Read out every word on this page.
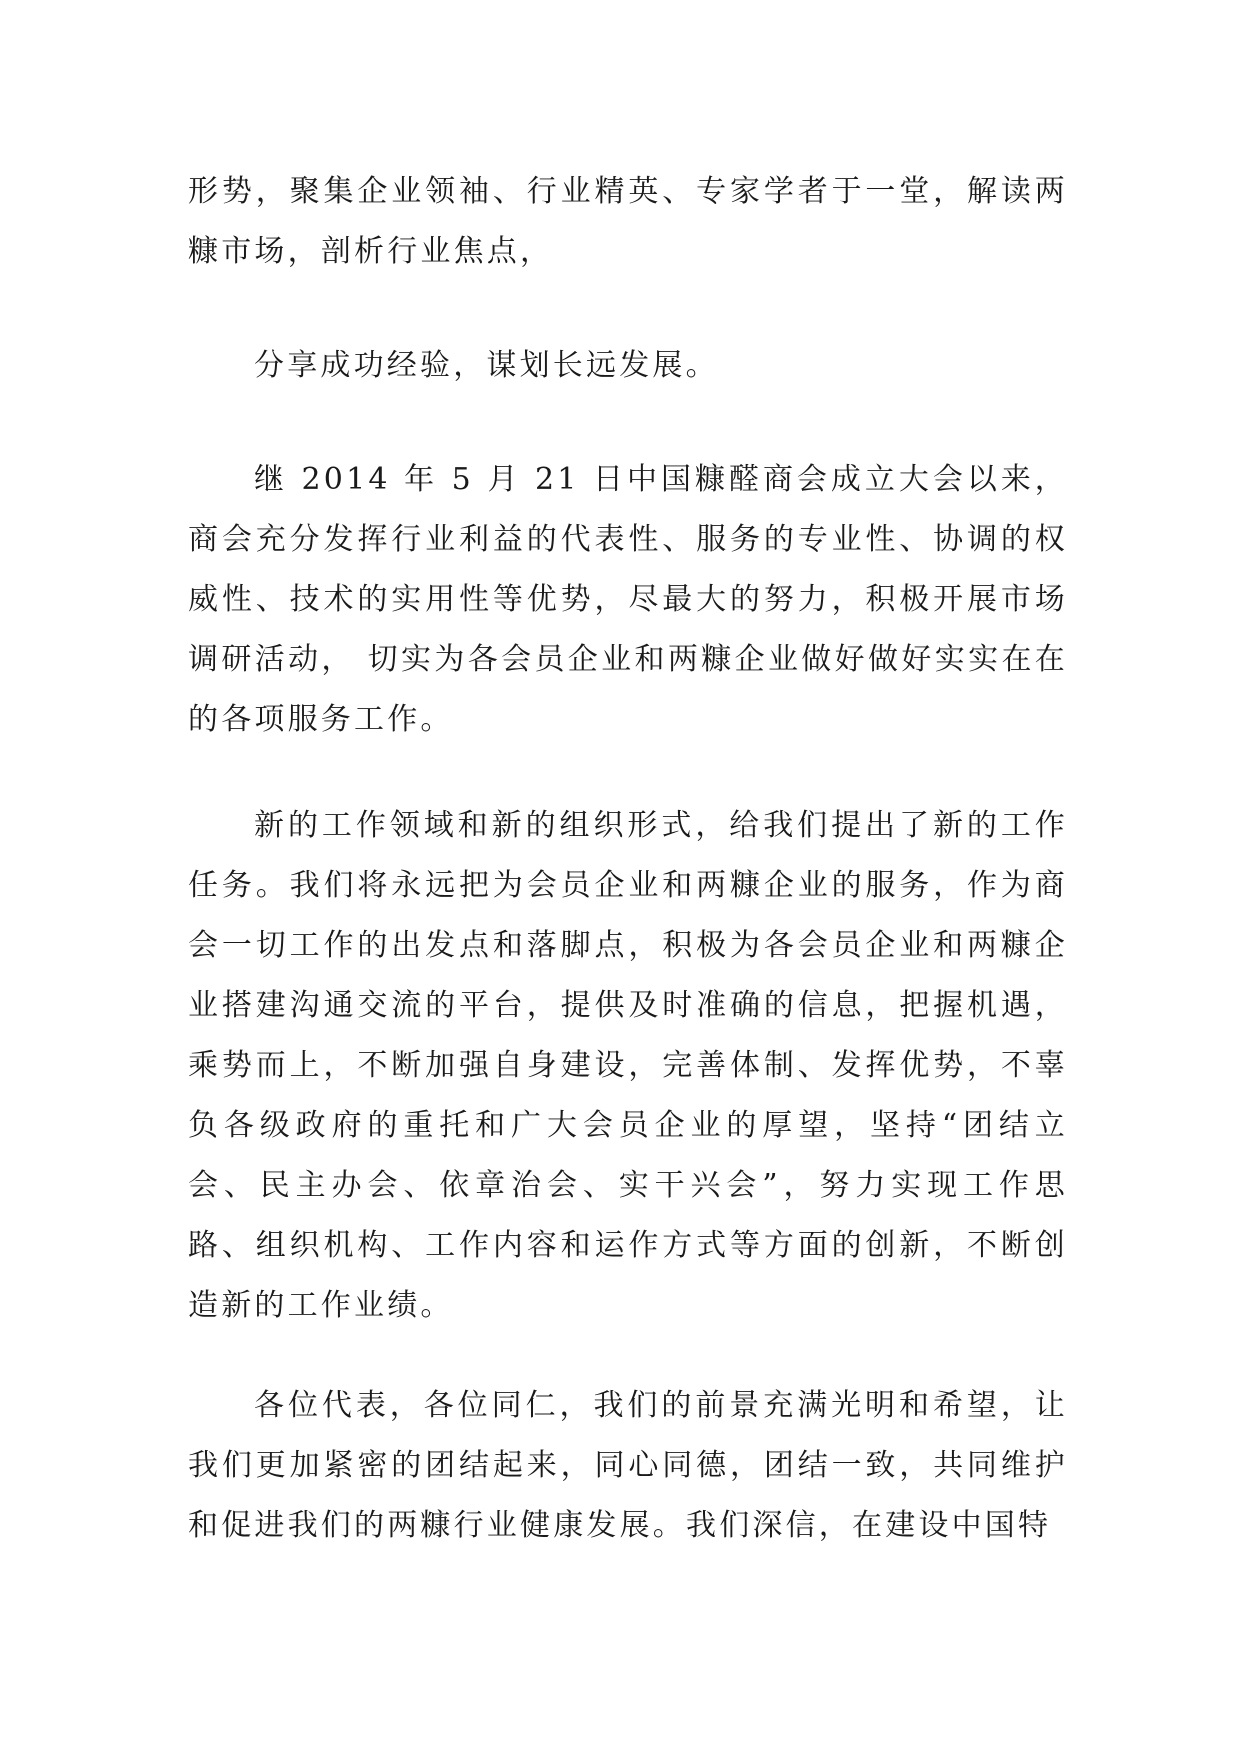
形势，聚集企业领袖、行业精英、专家学者于一堂，解读两糠市场，剖析行业焦点，

分享成功经验，谋划长远发展。

继 2014 年 5 月 21 日中国糠醛商会成立大会以来，商会充分发挥行业利益的代表性、服务的专业性、协调的权威性、技术的实用性等优势，尽最大的努力，积极开展市场调研活动， 切实为各会员企业和两糠企业做好做好实实在在的各项服务工作。

新的工作领域和新的组织形式，给我们提出了新的工作任务。我们将永远把为会员企业和两糠企业的服务，作为商会一切工作的出发点和落脚点，积极为各会员企业和两糠企业搭建沟通交流的平台，提供及时准确的信息，把握机遇，乘势而上，不断加强自身建设，完善体制、发挥优势，不辜负各级政府的重托和广大会员企业的厚望，坚持“团结立会、民主办会、依章治会、实干兴会”，努力实现工作思路、组织机构、工作内容和运作方式等方面的创新，不断创造新的工作业绩。

各位代表，各位同仁，我们的前景充满光明和希望，让我们更加紧密的团结起来，同心同德，团结一致，共同维护和促进我们的两糠行业健康发展。我们深信，在建设中国特
